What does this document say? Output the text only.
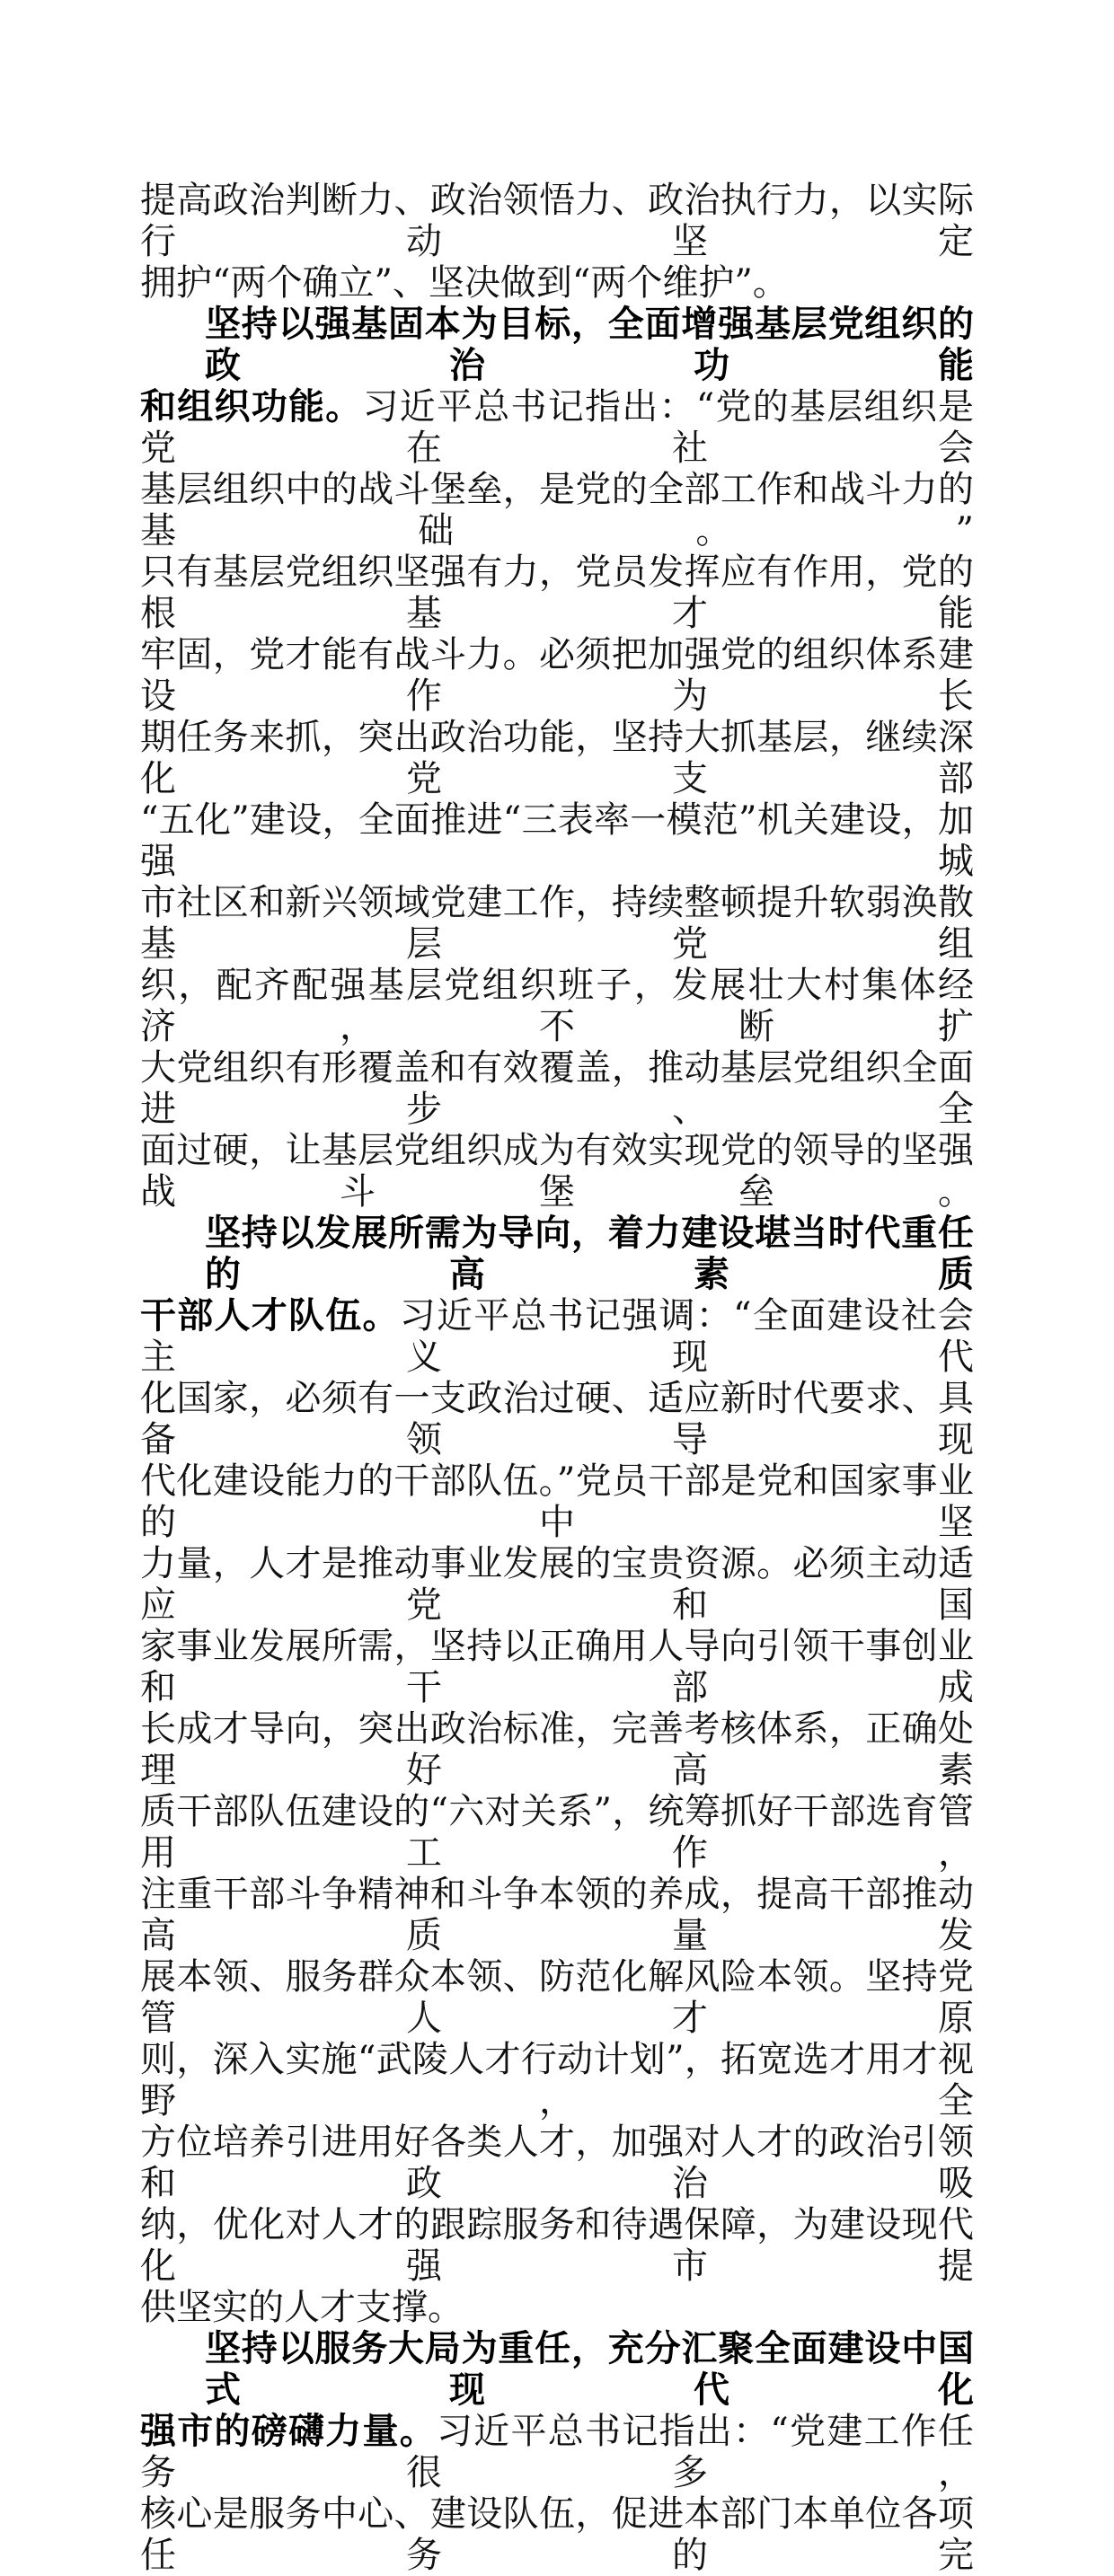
提高政治判断力、政治领悟力、政治执行力，以实际行动坚定
拥护“两个确立”、坚决做到“两个维护”。
坚持以强基固本为目标，全面增强基层党组织的政治功能
和组织功能。习近平总书记指出：“党的基层组织是党在社会
基层组织中的战斗堡垒，是党的全部工作和战斗力的基础。”
只有基层党组织坚强有力，党员发挥应有作用，党的根基才能
牢固，党才能有战斗力。必须把加强党的组织体系建设作为长
期任务来抓，突出政治功能，坚持大抓基层，继续深化党支部
“五化”建设，全面推进“三表率一模范”机关建设，加强城
市社区和新兴领域党建工作，持续整顿提升软弱涣散基层党组
织，配齐配强基层党组织班子，发展壮大村集体经济，不断扩
大党组织有形覆盖和有效覆盖，推动基层党组织全面进步、全
面过硬，让基层党组织成为有效实现党的领导的坚强战斗堡垒。
坚持以发展所需为导向，着力建设堪当时代重任的高素质
干部人才队伍。习近平总书记强调：“全面建设社会主义现代
化国家，必须有一支政治过硬、适应新时代要求、具备领导现
代化建设能力的干部队伍。”党员干部是党和国家事业的中坚
力量，人才是推动事业发展的宝贵资源。必须主动适应党和国
家事业发展所需，坚持以正确用人导向引领干事创业和干部成
长成才导向，突出政治标准，完善考核体系，正确处理好高素
质干部队伍建设的“六对关系”，统筹抓好干部选育管用工作，
注重干部斗争精神和斗争本领的养成，提高干部推动高质量发
展本领、服务群众本领、防范化解风险本领。坚持党管人才原
则，深入实施“武陵人才行动计划”，拓宽选才用才视野，全
方位培养引进用好各类人才，加强对人才的政治引领和政治吸
纳，优化对人才的跟踪服务和待遇保障，为建设现代化强市提
供坚实的人才支撑。
坚持以服务大局为重任，充分汇聚全面建设中国式现代化
强市的磅礴力量。习近平总书记指出：“党建工作任务很多，
核心是服务中心、建设队伍，促进本部门本单位各项任务的完
